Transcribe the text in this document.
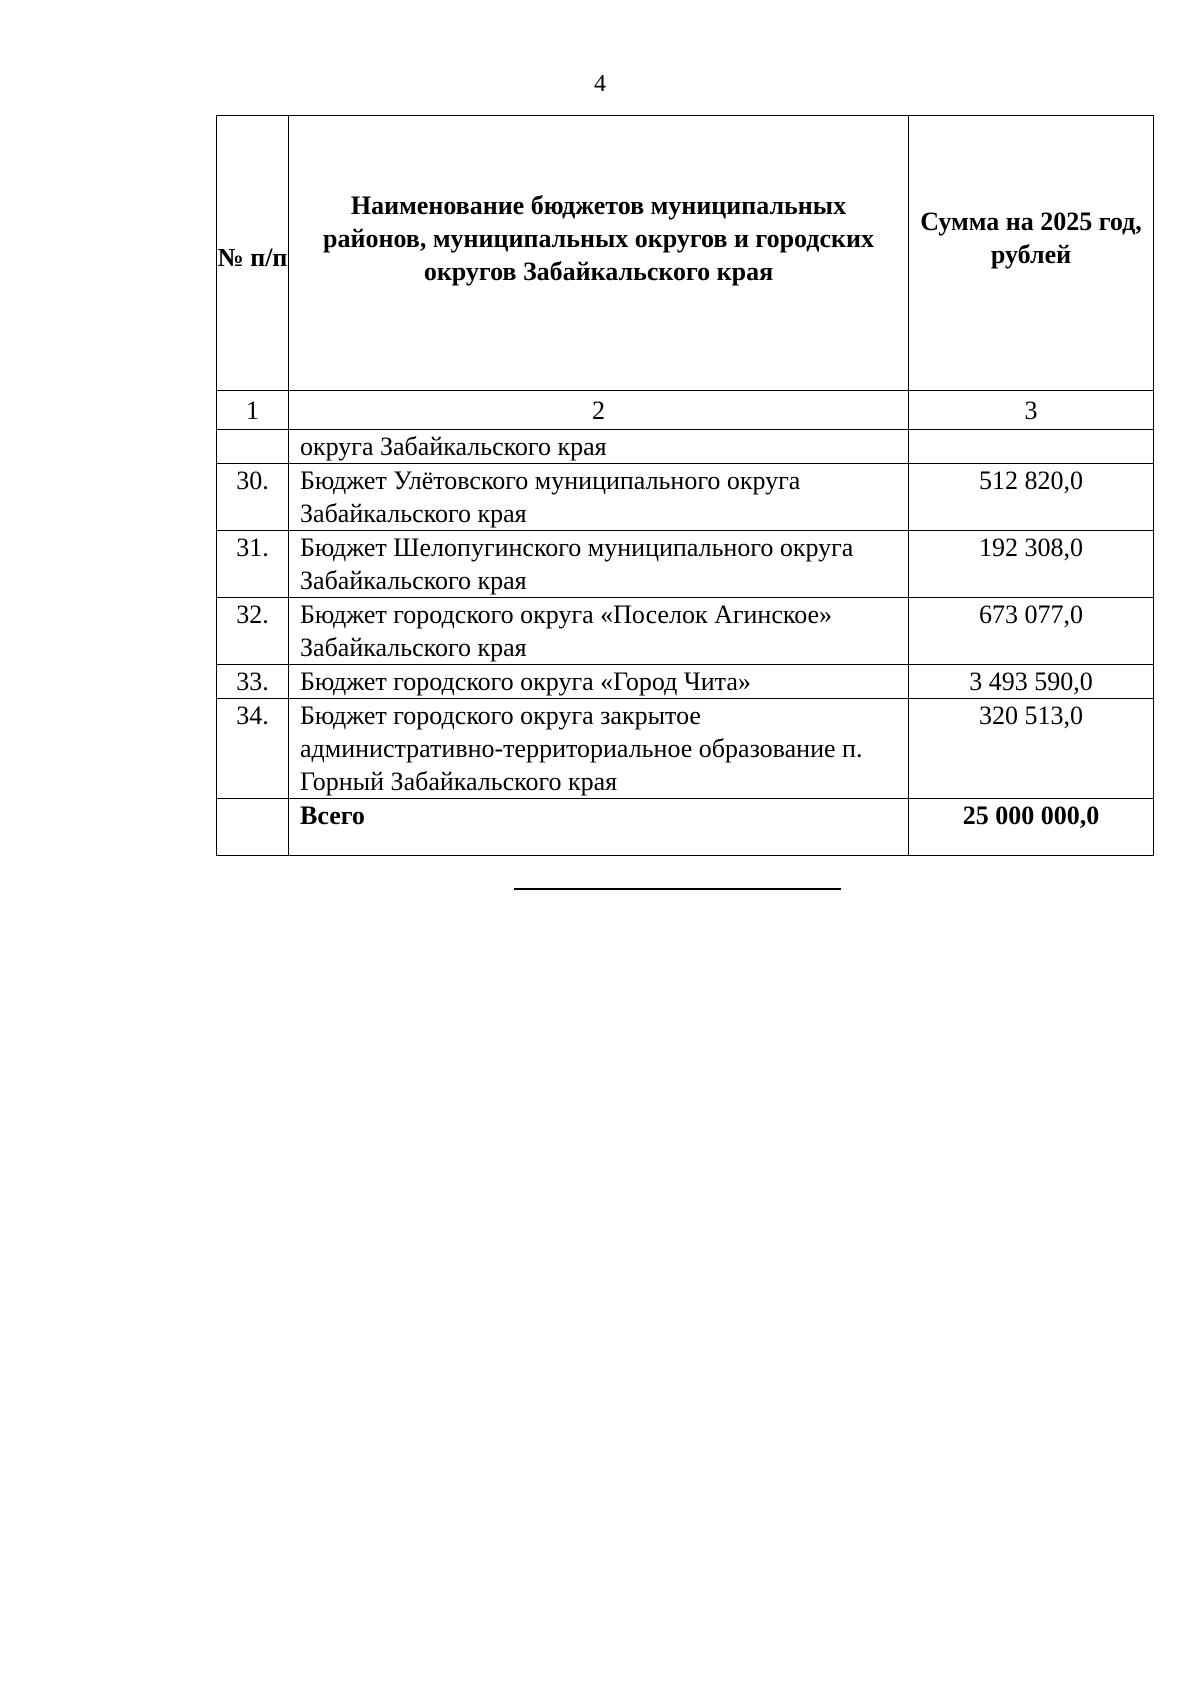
4
№ п/п	Наименование бюджетов муниципальных районов, муниципальных округов и городских округов Забайкальского края	Сумма на 2025 год, рублей
1	2	3
	округа Забайкальского края	
30.	Бюджет Улётовского муниципального округа Забайкальского края	512 820,0
31.	Бюджет Шелопугинского муниципального округа Забайкальского края	192 308,0
32.	Бюджет городского округа «Поселок Агинское» Забайкальского края	673 077,0
33.	Бюджет городского округа «Город Чита»	3 493 590,0
34.	Бюджет городского округа закрытое административно-территориальное образование п. Горный Забайкальского края	320 513,0
	Всего	25 000 000,0
